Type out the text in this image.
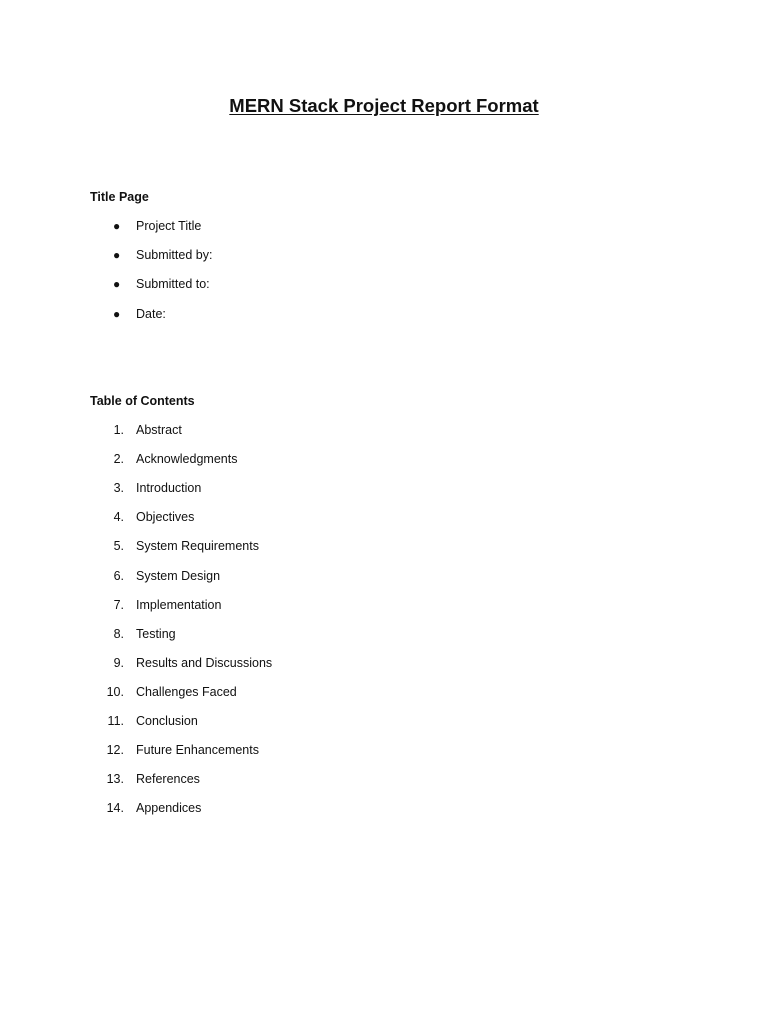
MERN Stack Project Report Format
Title Page
● Project Title
● Submitted by:
● Submitted to:
● Date:
Table of Contents
1. Abstract
2. Acknowledgments
3. Introduction
4. Objectives
5. System Requirements
6. System Design
7. Implementation
8. Testing
9. Results and Discussions
10. Challenges Faced
11. Conclusion
12. Future Enhancements
13. References
14. Appendices
